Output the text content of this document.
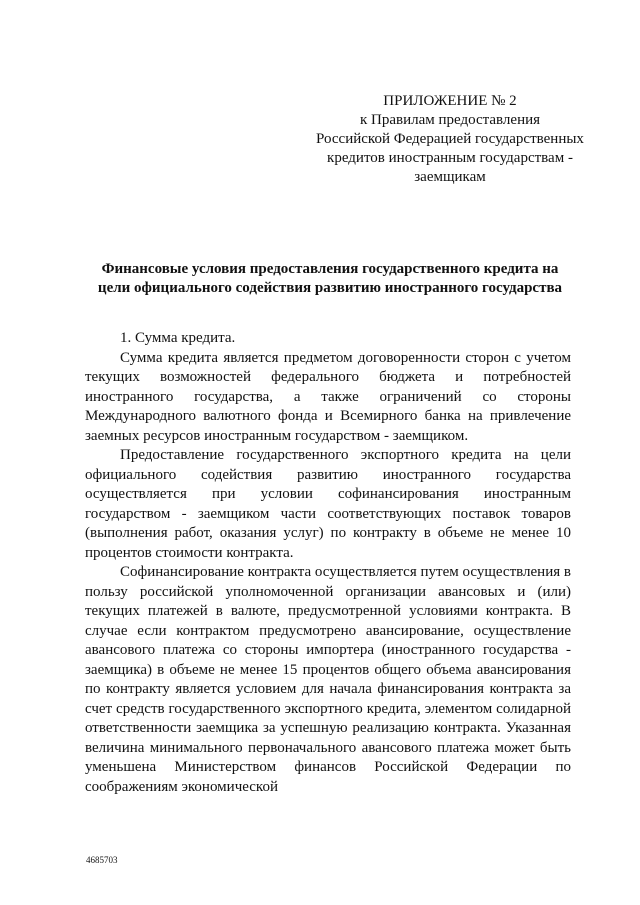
ПРИЛОЖЕНИЕ № 2
к Правилам предоставления
Российской Федерацией государственных
кредитов иностранным государствам -
заемщикам
Финансовые условия предоставления государственного кредита на
цели официального содействия развитию иностранного государства

1. Сумма кредита.

Сумма кредита является предметом договоренности сторон с учетом текущих возможностей федерального бюджета и потребностей иностранного государства, а также ограничений со стороны Международного валютного фонда и Всемирного банка на привлечение заемных ресурсов иностранным государством - заемщиком.

Предоставление государственного экспортного кредита на цели официального содействия развитию иностранного государства осуществляется при условии софинансирования иностранным государством - заемщиком части соответствующих поставок товаров (выполнения работ, оказания услуг) по контракту в объеме не менее 10 процентов стоимости контракта.

Софинансирование контракта осуществляется путем осуществления в пользу российской уполномоченной организации авансовых и (или) текущих платежей в валюте, предусмотренной условиями контракта. В случае если контрактом предусмотрено авансирование, осуществление авансового платежа со стороны импортера (иностранного государства - заемщика) в объеме не менее 15 процентов общего объема авансирования по контракту является условием для начала финансирования контракта за счет средств государственного экспортного кредита, элементом солидарной ответственности заемщика за успешную реализацию контракта. Указанная величина минимального первоначального авансового платежа может быть уменьшена Министерством финансов Российской Федерации по соображениям экономической

4685703
